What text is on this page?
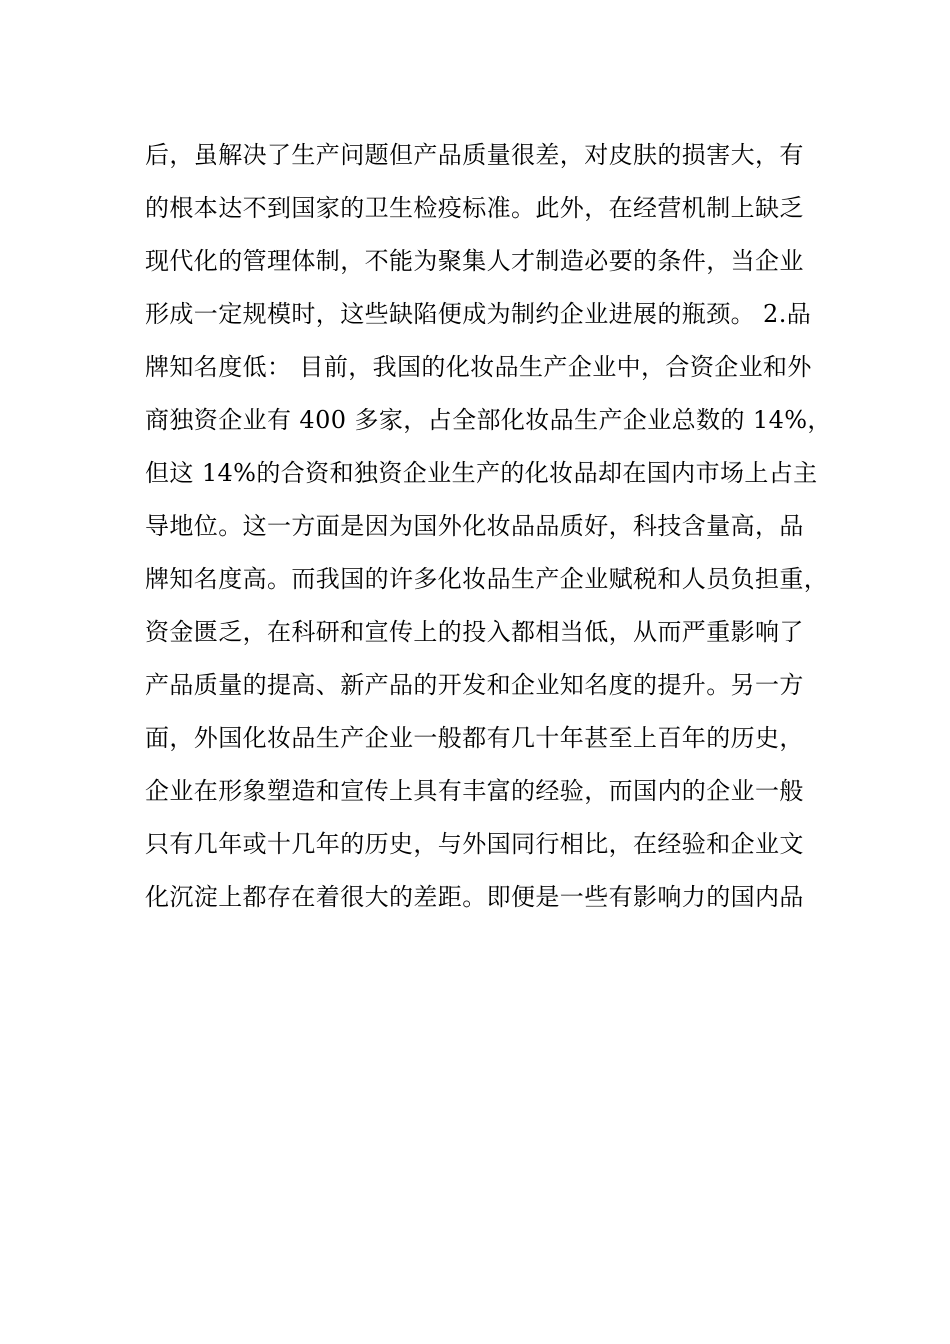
后，虽解决了生产问题但产品质量很差，对皮肤的损害大，有
的根本达不到国家的卫生检疫标准。此外，在经营机制上缺乏
现代化的管理体制，不能为聚集人才制造必要的条件，当企业
形成一定规模时，这些缺陷便成为制约企业进展的瓶颈。 2.品
牌知名度低： 目前，我国的化妆品生产企业中，合资企业和外
商独资企业有 400 多家，占全部化妆品生产企业总数的 14%，
但这 14%的合资和独资企业生产的化妆品却在国内市场上占主
导地位。这一方面是因为国外化妆品品质好，科技含量高，品
牌知名度高。而我国的许多化妆品生产企业赋税和人员负担重，
资金匮乏，在科研和宣传上的投入都相当低，从而严重影响了
产品质量的提高、新产品的开发和企业知名度的提升。另一方
面，外国化妆品生产企业一般都有几十年甚至上百年的历史，
企业在形象塑造和宣传上具有丰富的经验，而国内的企业一般
只有几年或十几年的历史，与外国同行相比，在经验和企业文
化沉淀上都存在着很大的差距。即便是一些有影响力的国内品
